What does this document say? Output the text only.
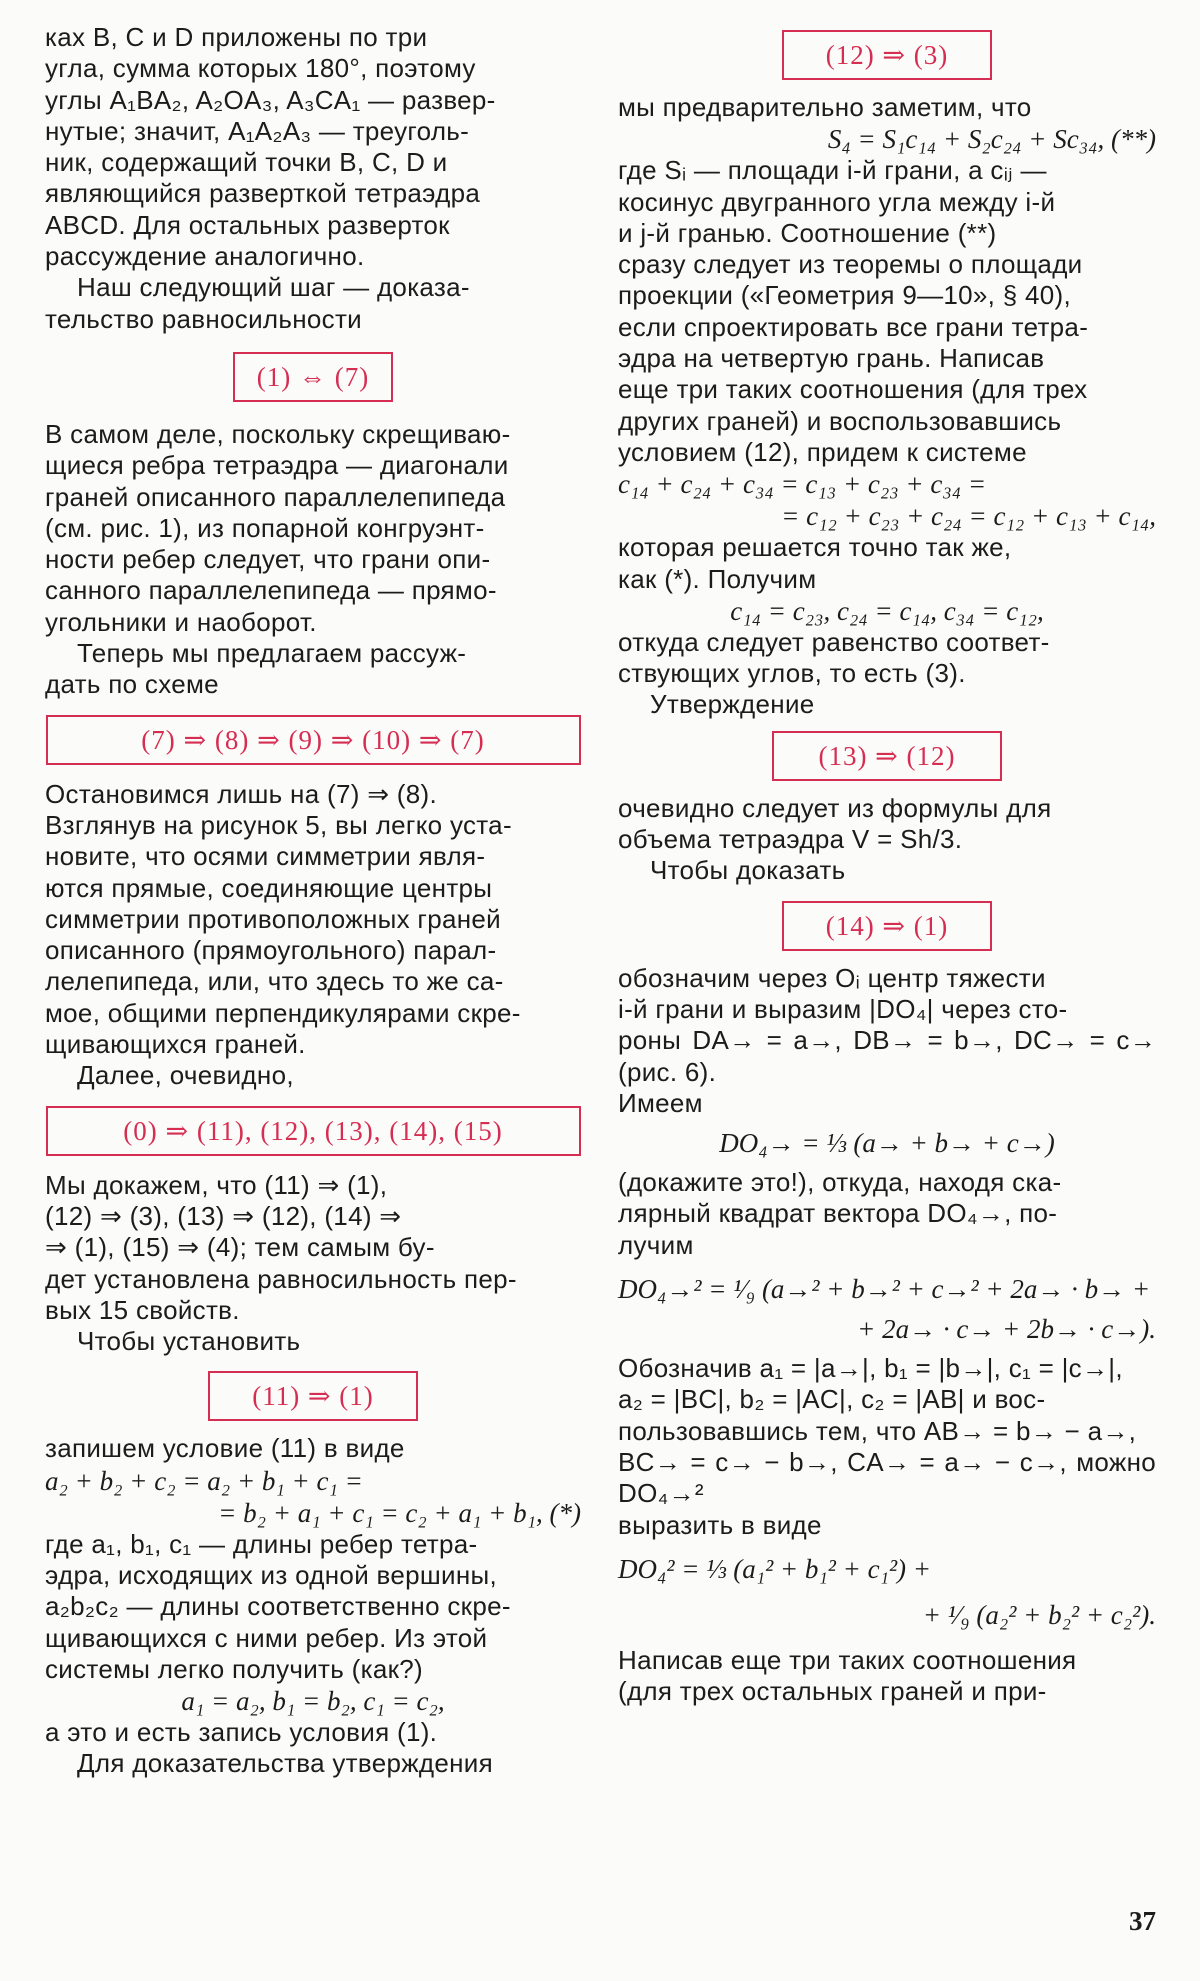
ках B, C и D приложены по три
угла, сумма которых 180°, поэтому
углы A₁BA₂, A₂OA₃, A₃CA₁ — развер-
нутые; значит, A₁A₂A₃ — треуголь-
ник, содержащий точки B, C, D и
являющийся разверткой тетраэдра
ABCD. Для остальных разверток
рассуждение аналогично.

Наш следующий шаг — доказа-
тельство равносильности

(1) ⇔ (7)

В самом деле, поскольку скрещиваю-
щиеся ребра тетраэдра — диагонали
граней описанного параллелепипеда
(см. рис. 1), из попарной конгруэнт-
ности ребер следует, что грани опи-
санного параллелепипеда — прямо-
угольники и наоборот.

Теперь мы предлагаем рассуж-
дать по схеме

(7) ⇒ (8) ⇒ (9) ⇒ (10) ⇒ (7)

Остановимся лишь на (7) ⇒ (8).
Взглянув на рисунок 5, вы легко уста-
новите, что осями симметрии явля-
ются прямые, соединяющие центры
симметрии противоположных граней
описанного (прямоугольного) парал-
лелепипеда, или, что здесь то же са-
мое, общими перпендикулярами скре-
щивающихся граней.

Далее, очевидно,

(0) ⇒ (11), (12), (13), (14), (15)

Мы докажем, что (11) ⇒ (1),
(12) ⇒ (3), (13) ⇒ (12), (14) ⇒
⇒ (1), (15) ⇒ (4); тем самым бу-
дет установлена равносильность пер-
вых 15 свойств.

Чтобы установить

(11) ⇒ (1)

запишем условие (11) в виде

a₂ + b₂ + c₂ = a₂ + b₁ + c₁ =

= b₂ + a₁ + c₁ = c₂ + a₁ + b₁, (*)

где a₁, b₁, c₁ — длины ребер тетра-
эдра, исходящих из одной вершины,
a₂b₂c₂ — длины соответственно скре-
щивающихся с ними ребер. Из этой
системы легко получить (как?)

a₁ = a₂, b₁ = b₂, c₁ = c₂,

а это и есть запись условия (1).

Для доказательства утверждения

(12) ⇒ (3)

мы предварительно заметим, что

S₄ = S₁c₁₄ + S₂c₂₄ + Sc₃₄, (**)

где Sᵢ — площади i-й грани, а cᵢⱼ —
косинус двугранного угла между i-й
и j-й гранью. Соотношение (**)
сразу следует из теоремы о площади
проекции («Геометрия 9—10», § 40),
если спроектировать все грани тетра-
эдра на четвертую грань. Написав
еще три таких соотношения (для трех
других граней) и воспользовавшись
условием (12), придем к системе

c₁₄ + c₂₄ + c₃₄ = c₁₃ + c₂₃ + c₃₄ =

= c₁₂ + c₂₃ + c₂₄ = c₁₂ + c₁₃ + c₁₄,

которая решается точно так же,
как (*). Получим

c₁₄ = c₂₃, c₂₄ = c₁₄, c₃₄ = c₁₂,

откуда следует равенство соответ-
ствующих углов, то есть (3).

Утверждение

(13) ⇒ (12)

очевидно следует из формулы для
объема тетраэдра V = Sh/3.

Чтобы доказать

(14) ⇒ (1)

обозначим через Oᵢ центр тяжести
i-й грани и выразим |DO₄| через сто-
роны DA→ = a→, DB→ = b→, DC→ = c→ (рис. 6).
Имеем

DO₄→ = ⅓ (a→ + b→ + c→)

(докажите это!), откуда, находя ска-
лярный квадрат вектора DO₄→, по-
лучим

DO₄→² = ¹⁄₉ (a→² + b→² + c→² + 2a→ · b→ +

+ 2a→ · c→ + 2b→ · c→).

Обозначив a₁ = |a→|, b₁ = |b→|, c₁ = |c→|,
a₂ = |BC|, b₂ = |AC|, c₂ = |AB| и вос-
пользовавшись тем, что AB→ = b→ − a→,
BC→ = c→ − b→, CA→ = a→ − c→, можно DO₄→²
выразить в виде

DO₄² = ⅓ (a₁² + b₁² + c₁²) +

+ ¹⁄₉ (a₂² + b₂² + c₂²).

Написав еще три таких соотношения
(для трех остальных граней и при-

37
